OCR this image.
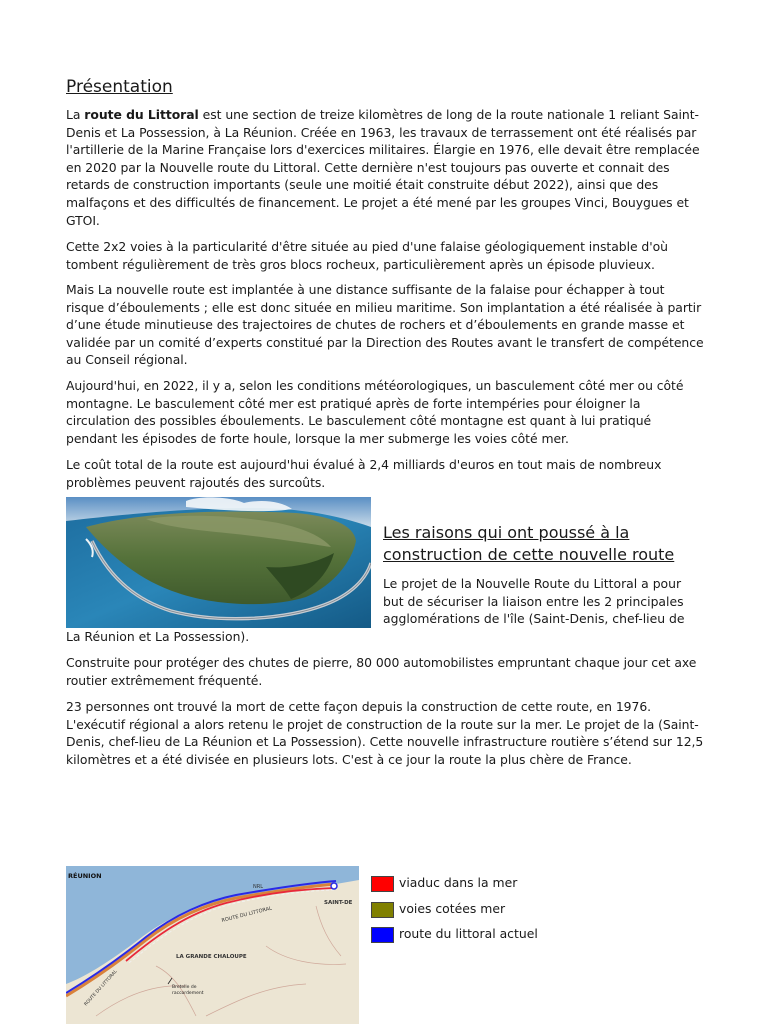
Présentation

La route du Littoral est une section de treize kilomètres de long de la route nationale 1 reliant Saint-Denis et La Possession, à La Réunion. Créée en 1963, les travaux de terrassement ont été réalisés par l'artillerie de la Marine Française lors d'exercices militaires. Élargie en 1976, elle devait être remplacée en 2020 par la Nouvelle route du Littoral. Cette dernière n'est toujours pas ouverte et connait des retards de construction importants (seule une moitié était construite début 2022), ainsi que des malfaçons et des difficultés de financement. Le projet a été mené par les groupes Vinci, Bouygues et GTOI.

Cette 2x2 voies à la particularité d'être située au pied d'une falaise géologiquement instable d'où tombent régulièrement de très gros blocs rocheux, particulièrement après un épisode pluvieux.

Mais La nouvelle route est implantée à une distance suffisante de la falaise pour échapper à tout risque d’éboulements ; elle est donc située en milieu maritime. Son implantation a été réalisée à partir d’une étude minutieuse des trajectoires de chutes de rochers et d’éboulements en grande masse et validée par un comité d’experts constitué par la Direction des Routes avant le transfert de compétence au Conseil régional.

Aujourd'hui, en 2022, il y a, selon les conditions météorologiques, un basculement côté mer ou côté montagne. Le basculement côté mer est pratiqué après de forte intempéries pour éloigner la circulation des possibles éboulements. Le basculement côté montagne est quant à lui pratiqué pendant les épisodes de forte houle, lorsque la mer submerge les voies côté mer.

Le coût total de la route est aujourd'hui évalué à 2,4 milliards d'euros en tout mais de nombreux problèmes peuvent rajoutés des surcoûts.

Les raisons qui ont poussé à la construction de cette nouvelle route

Le projet de la Nouvelle Route du Littoral a pour but de sécuriser la liaison entre les 2 principales agglomérations de l'île (Saint-Denis, chef-lieu de

La Réunion et La Possession).

Construite pour protéger des chutes de pierre, 80 000 automobilistes empruntant chaque jour cet axe routier extrêmement fréquenté.

23 personnes ont trouvé la mort de cette façon depuis la construction de cette route, en 1976. L'exécutif régional a alors retenu le projet de construction de la route sur la mer. Le projet de la (Saint-Denis, chef-lieu de La Réunion et La Possession). Cette nouvelle infrastructure routière s’étend sur 12,5 kilomètres et a été divisée en plusieurs lots. C'est à ce jour la route la plus chère de France.

RÉUNION
NRL
ROUTE DU LITTORAL
SAINT-DE
LA GRANDE CHALOUPE
Bretelle de
raccordement
ROUTE DU LITTORAL
viaduc dans la mer
voies cotées mer
route du littoral actuel
